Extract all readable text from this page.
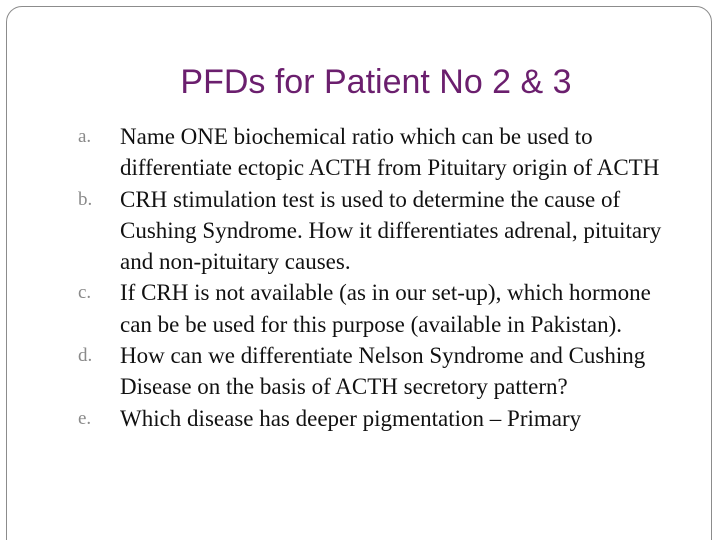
PFDs for Patient No 2 & 3
a. Name ONE biochemical ratio which can be used to differentiate ectopic ACTH from Pituitary origin of ACTH
b. CRH stimulation test is used to determine the cause of Cushing Syndrome. How it differentiates adrenal, pituitary and non-pituitary causes.
c. If CRH is not available (as in our set-up), which hormone can be be used for this purpose (available in Pakistan).
d. How can we differentiate Nelson Syndrome and Cushing Disease on the basis of ACTH secretory pattern?
e. Which disease has deeper pigmentation – Primary
